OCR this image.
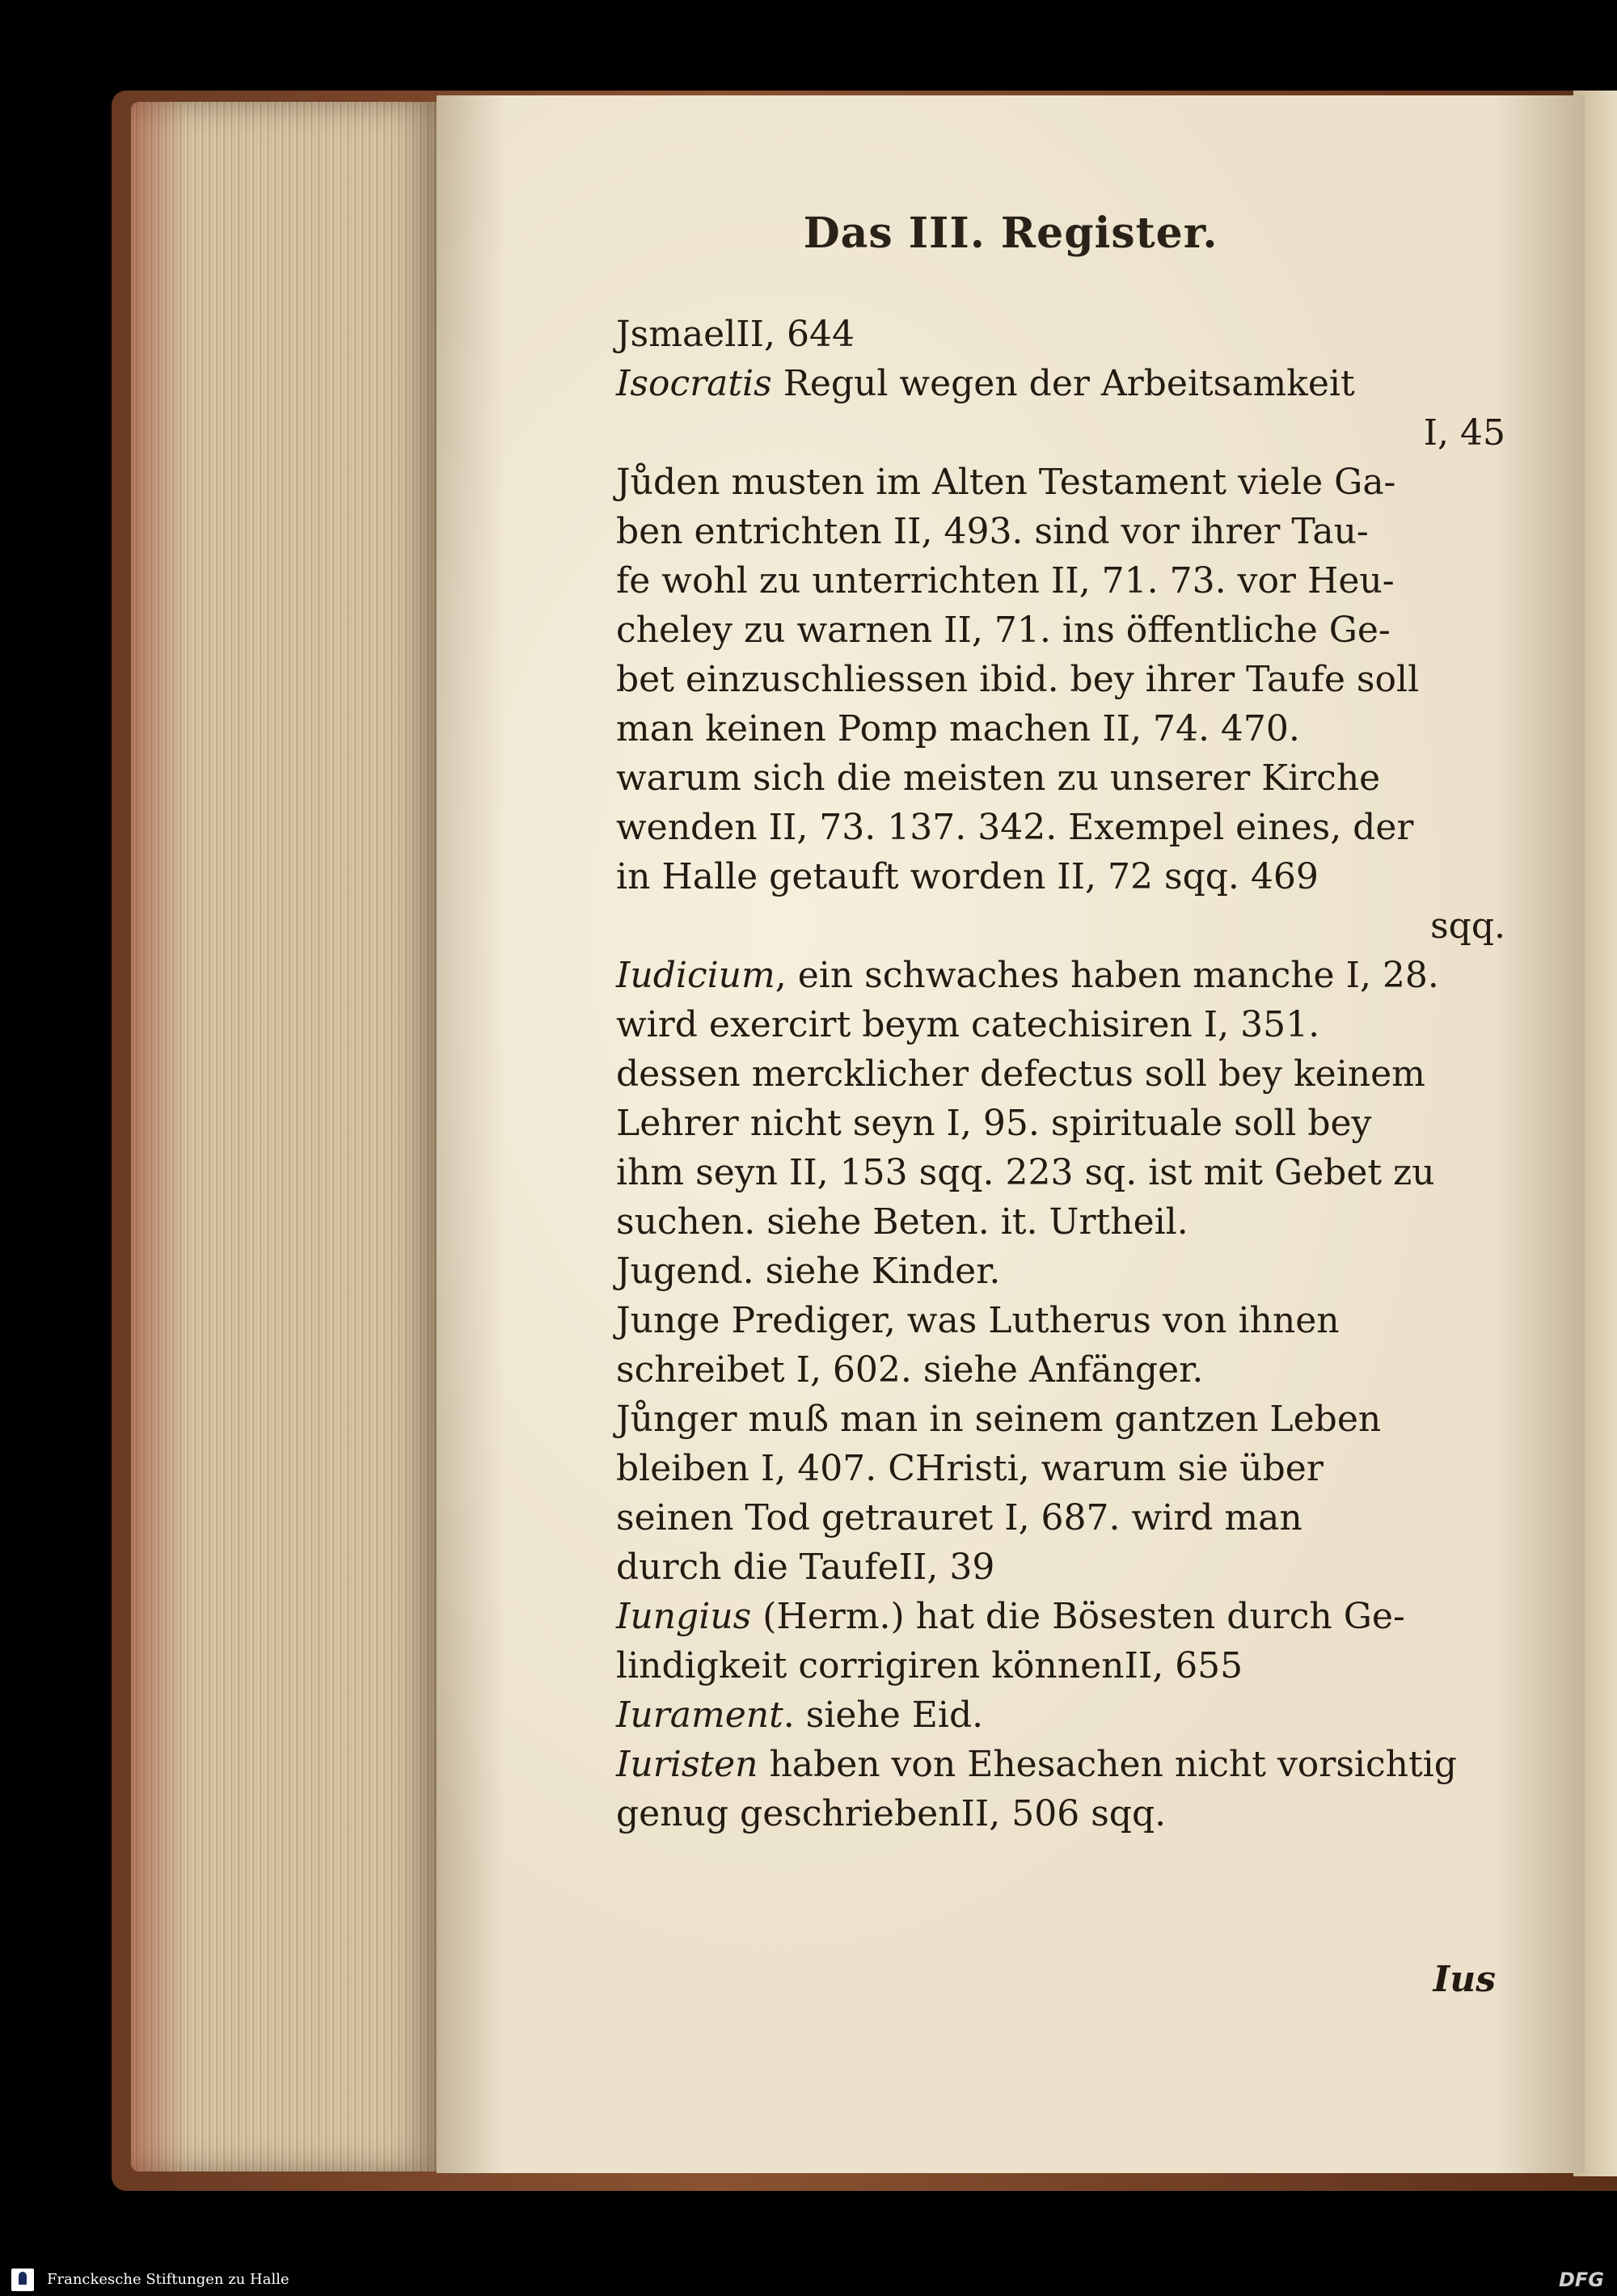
Das III. Register.
JsmaelII, 644
Isocratis Regul wegen der Arbeitsamkeit
I, 45
Jůden musten im Alten Testament viele Ga-
ben entrichten II, 493. sind vor ihrer Tau-
fe wohl zu unterrichten II, 71. 73. vor Heu-
cheley zu warnen II, 71. ins öffentliche Ge-
bet einzuschliessen ibid. bey ihrer Taufe soll
man keinen Pomp machen II, 74. 470.
warum sich die meisten zu unserer Kirche
wenden II, 73. 137. 342. Exempel eines, der
in Halle getauft worden II, 72 sqq. 469
sqq.
Iudicium, ein schwaches haben manche I, 28.
wird exercirt beym catechisiren I, 351.
dessen mercklicher defectus soll bey keinem
Lehrer nicht seyn I, 95. spirituale soll bey
ihm seyn II, 153 sqq. 223 sq. ist mit Gebet zu
suchen. siehe Beten. it. Urtheil.
Jugend. siehe Kinder.
Junge Prediger, was Lutherus von ihnen
schreibet I, 602. siehe Anfänger.
Jůnger muß man in seinem gantzen Leben
bleiben I, 407. CHristi, warum sie über
seinen Tod getrauret I, 687. wird man
durch die TaufeII, 39
Iungius (Herm.) hat die Bösesten durch Ge-
lindigkeit corrigiren könnenII, 655
Iurament. siehe Eid.
Iuristen haben von Ehesachen nicht vorsichtig
genug geschriebenII, 506 sqq.
Ius
Franckesche Stiftungen zu Halle	DFG
